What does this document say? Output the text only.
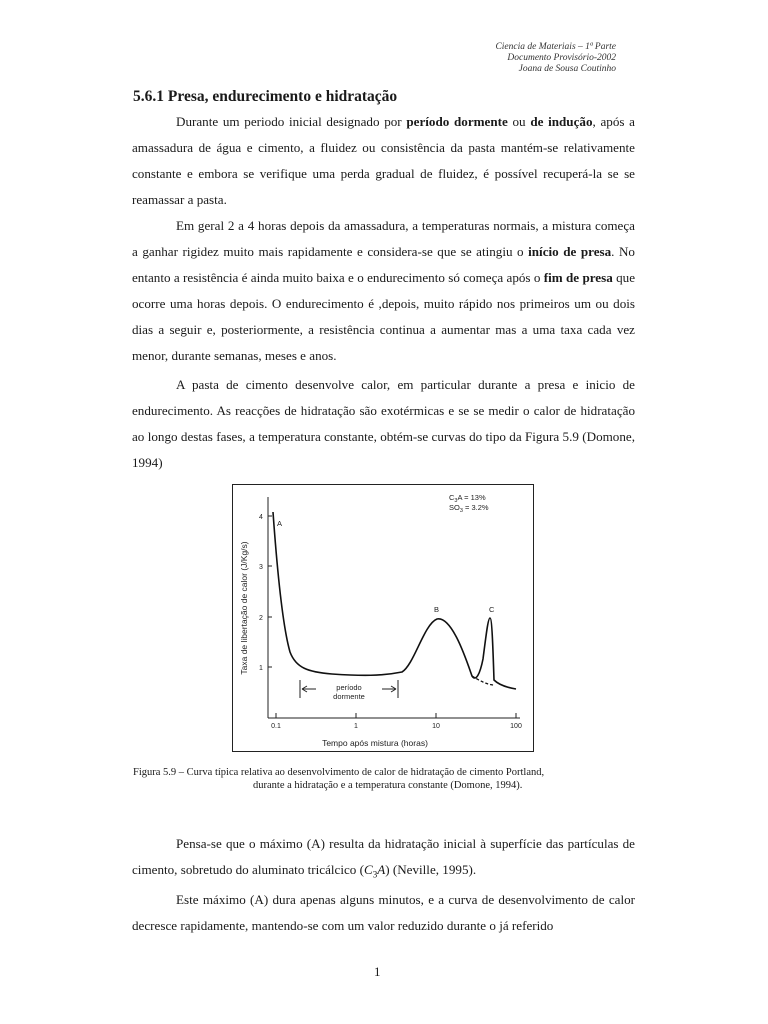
Ciencia de Materiais – 1ª Parte
Documento Provisório-2002
Joana de Sousa Coutinho
5.6.1 Presa, endurecimento e hidratação

Durante um periodo inicial designado por período dormente ou de indução, após a amassadura de água e cimento, a fluidez ou consistência da pasta mantém-se relativamente constante e embora se verifique uma perda gradual de fluidez, é possível recuperá-la se se reamassar a pasta.

Em geral 2 a 4 horas depois da amassadura, a temperaturas normais, a mistura começa a ganhar rigidez muito mais rapidamente e considera-se que se atingiu o início de presa. No entanto a resistência é ainda muito baixa e o endurecimento só começa após o fim de presa que ocorre uma horas depois. O endurecimento é ,depois, muito rápido nos primeiros um ou dois dias a seguir e, posteriormente, a resistência continua a aumentar mas a uma taxa cada vez menor, durante semanas, meses e anos.

A pasta de cimento desenvolve calor, em particular durante a presa e inicio de endurecimento. As reacções de hidratação são exotérmicas e se se medir o calor de hidratação ao longo destas fases, a temperatura constante, obtém-se curvas do tipo da Figura 5.9 (Domone, 1994)

1
2
3
4
0.1	1	10	100
Tempo após mistura (horas)
Taxa de libertação de calor (J/Kg/s)
$C_3A = 13\%$
$SO_3 = 3.2\%$
A
B	C
período
dormente

Figura 5.9 – Curva típica relativa ao desenvolvimento de calor de hidratação de cimento Portland,
durante a hidratação e a temperatura constante (Domone, 1994).

Pensa-se que o máximo (A) resulta da hidratação inicial à superfície das partículas de cimento, sobretudo do aluminato tricálcico $(C_3A)$ (Neville, 1995).

Este máximo (A) dura apenas alguns minutos, e a curva de desenvolvimento de calor decresce rapidamente, mantendo-se com um valor reduzido durante o já referido

1
